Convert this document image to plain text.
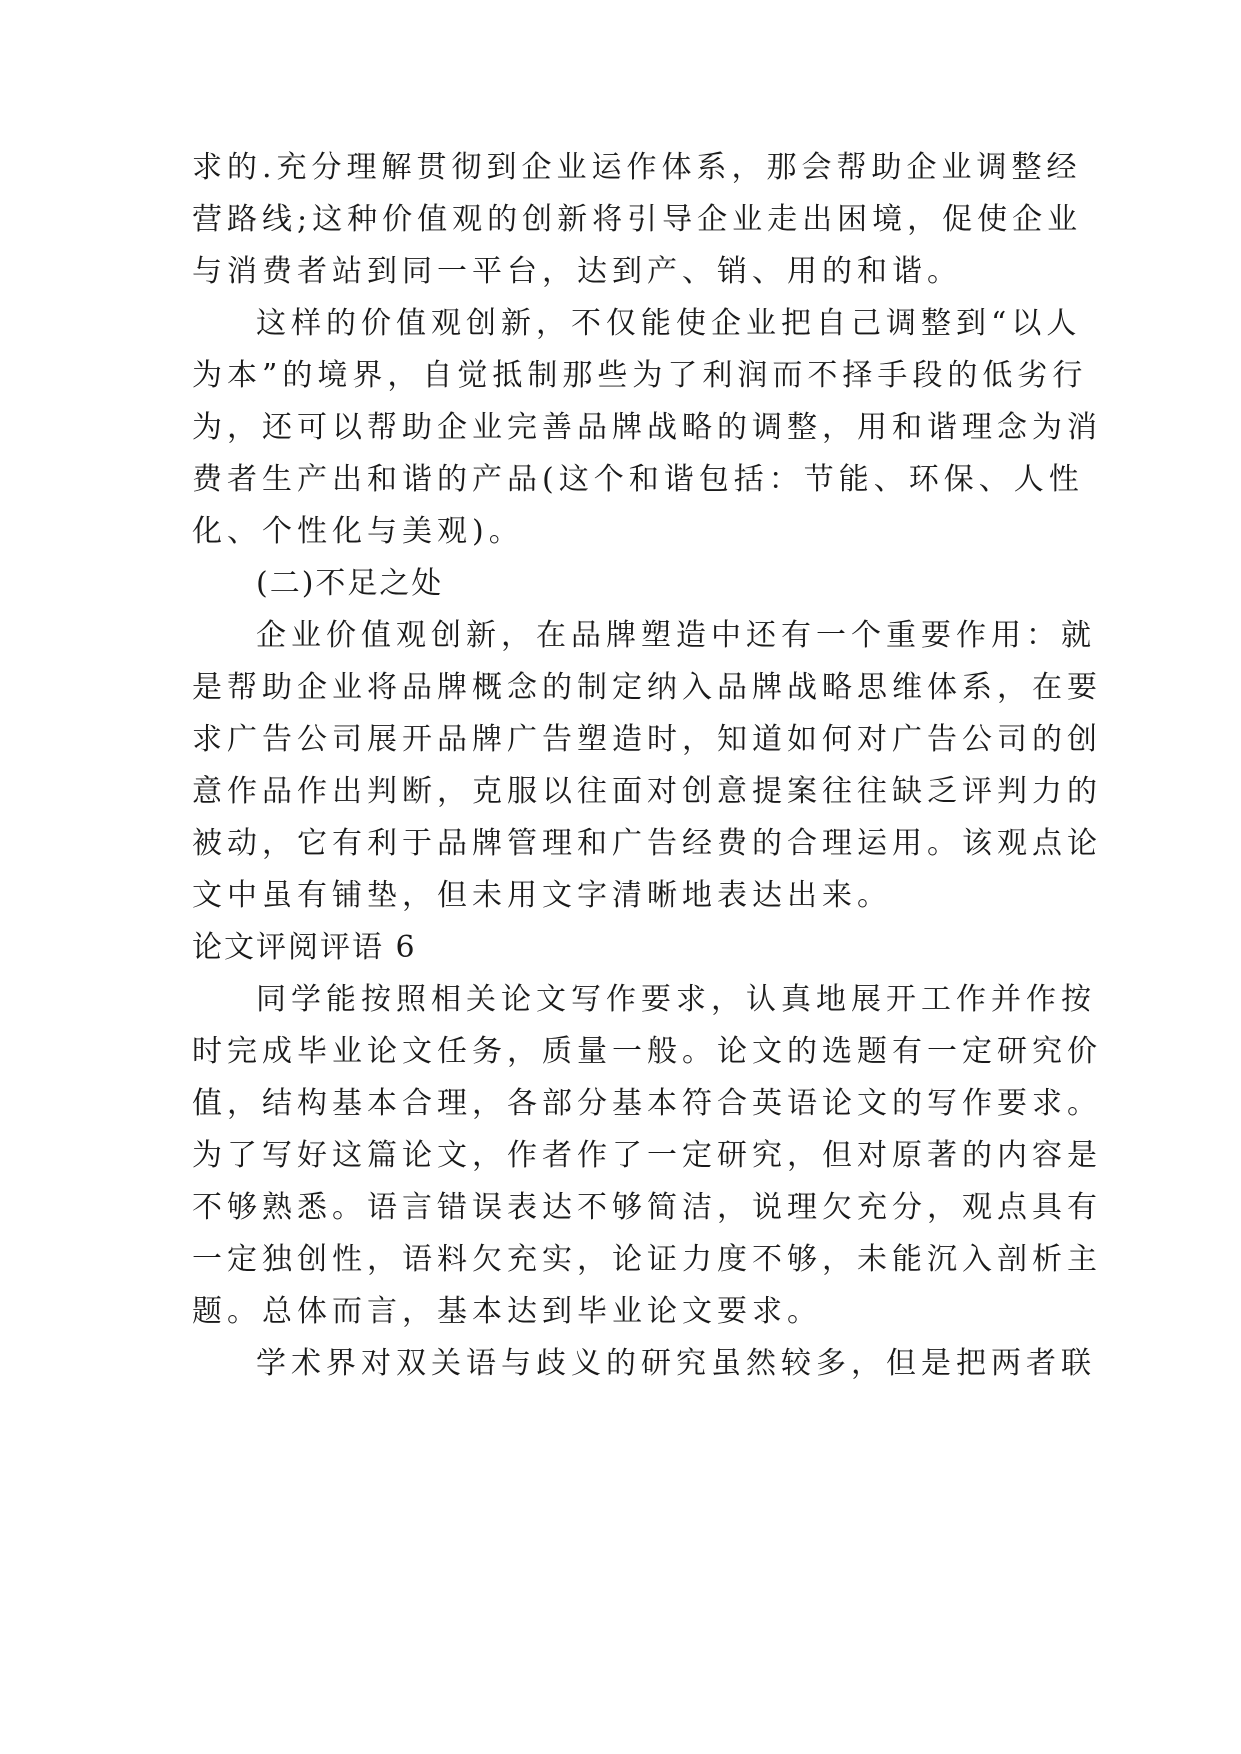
求的.充分理解贯彻到企业运作体系，那会帮助企业调整经
营路线;这种价值观的创新将引导企业走出困境，促使企业
与消费者站到同一平台，达到产、销、用的和谐。
这样的价值观创新，不仅能使企业把自己调整到“以人
为本”的境界，自觉抵制那些为了利润而不择手段的低劣行
为，还可以帮助企业完善品牌战略的调整，用和谐理念为消
费者生产出和谐的产品(这个和谐包括：节能、环保、人性
化、个性化与美观)。
(二)不足之处
企业价值观创新，在品牌塑造中还有一个重要作用：就
是帮助企业将品牌概念的制定纳入品牌战略思维体系，在要
求广告公司展开品牌广告塑造时，知道如何对广告公司的创
意作品作出判断，克服以往面对创意提案往往缺乏评判力的
被动，它有利于品牌管理和广告经费的合理运用。该观点论
文中虽有铺垫，但未用文字清晰地表达出来。
论文评阅评语 6
同学能按照相关论文写作要求，认真地展开工作并作按
时完成毕业论文任务，质量一般。论文的选题有一定研究价
值，结构基本合理，各部分基本符合英语论文的写作要求。
为了写好这篇论文，作者作了一定研究，但对原著的内容是
不够熟悉。语言错误表达不够简洁，说理欠充分，观点具有
一定独创性，语料欠充实，论证力度不够，未能沉入剖析主
题。总体而言，基本达到毕业论文要求。
学术界对双关语与歧义的研究虽然较多，但是把两者联
